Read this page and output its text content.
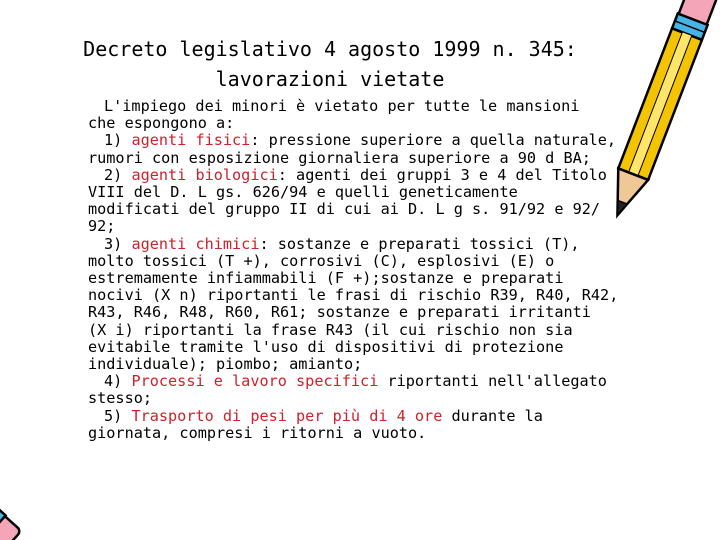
Decreto legislativo 4 agosto 1999 n. 345:
lavorazioni vietate
L'impiego dei minori è vietato per tutte le mansioni
che espongono a:
1) agenti fisici: pressione superiore a quella naturale,
rumori con esposizione giornaliera superiore a 90 d BA;
2) agenti biologici: agenti dei gruppi 3 e 4 del Titolo
VIII del D. L gs. 626/94 e quelli geneticamente
modificati del gruppo II di cui ai D. L g s. 91/92 e 92/
92;
3) agenti chimici: sostanze e preparati tossici (T),
molto tossici (T +), corrosivi (C), esplosivi (E) o
estremamente infiammabili (F +);sostanze e preparati
nocivi (X n) riportanti le frasi di rischio R39, R40, R42,
R43, R46, R48, R60, R61; sostanze e preparati irritanti
(X i) riportanti la frase R43 (il cui rischio non sia
evitabile tramite l'uso di dispositivi di protezione
individuale); piombo; amianto;
4) Processi e lavoro specifici riportanti nell'allegato
stesso;
5) Trasporto di pesi per più di 4 ore durante la
giornata, compresi i ritorni a vuoto.
